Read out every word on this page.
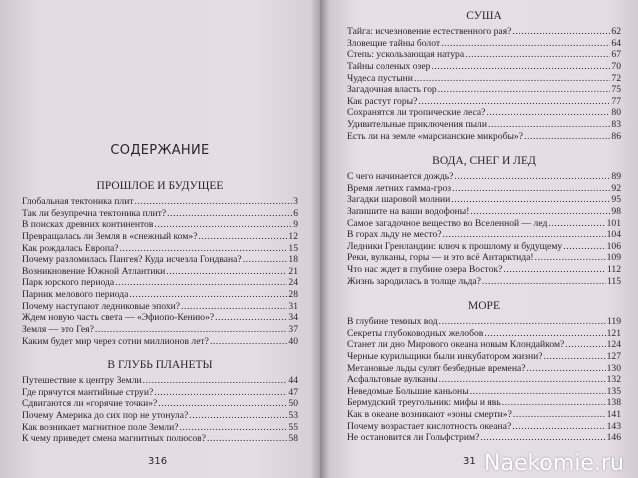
СОДЕРЖАНИЕ
ПРОШЛОЕ И БУДУЩЕЕ
Глобальная тектоника плит .....	3
Так ли безупречна тектоника плит? .....	6
В поисках древних континентов .....	9
Превращалась ли Земля в «снежный ком»? .....	12
Как рождалась Европа? .....	15
Почему разломилась Пангея? Куда исчезла Гондвана? .....	18
Возникновение Южной Атлантики .....	21
Парк юрского периода .....	24
Парник мелового периода .....	28
Почему наступают ледниковые эпохи? .....	31
Ждем новую часть света — «Эфиопо-Кению»? .....	34
Земля — это Гея? .....	37
Каким будет мир через сотни миллионов лет? .....	40
В ГЛУБЬ ПЛАНЕТЫ
Путешествие к центру Земли .....	44
Где прячутся мантийные струи? .....	47
Сдвигаются ли «горячие точки»? .....	50
Почему Америка до сих пор не утонула? .....	53
Как возникает магнитное поле Земли? .....	55
К чему приведет смена магнитных полюсов? .....	58
316
СУША
Тайга: исчезновение естественного рая? .....	62
Зловещие тайны болот .....	64
Степь: ускользающая натура .....	67
Тайны соленых озер .....	70
Чудеса пустыни .....	72
Загадочная власть гор .....	75
Как растут горы? .....	77
Сохранятся ли тропические леса? .....	80
Удивительные приключения пыли .....	83
Есть ли на земле «марсианские микробы»? .....	86
ВОДА, СНЕГ И ЛЕД
С чего начинается дождь? .....	89
Время летних гамма-гроз .....	92
Загадки шаровой молнии .....	95
Запишите на ваши водофоны! .....	98
Самое загадочное вещество во Вселенной — лед .....	101
В горах льду не место? .....	104
Ледники Гренландии: ключ к прошлому и будущему .....	106
Реки, вулканы, горы — и это всё Антарктида! .....	109
Что нас ждет в глубине озера Восток? .....	112
Жизнь зародилась в толще льда? .....	115
МОРЕ
В глубине темных вод .....	119
Секреты глубоководных желобов .....	121
Станет ли дно Мирового океана новым Клондайком? .....	124
Черные курильщики были инкубатором жизни? .....	127
Метановые льды сулят безбедные времена? .....	130
Асфальтовые вулканы .....	132
Неведомые Большие каньоны .....	135
Бермудский треугольник: мифы и явь .....	138
Как в океане возникают «зоны смерти»? .....	141
Почему возрастает кислотность океана? .....	143
Не остановится ли Гольфстрим? .....	146
31 Naekomie.ru
